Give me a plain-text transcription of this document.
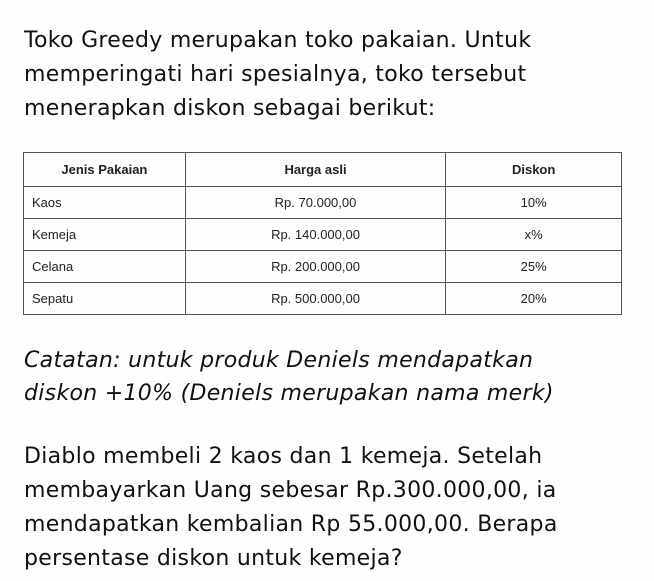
Toko Greedy merupakan toko pakaian. Untuk
memperingati hari spesialnya, toko tersebut
menerapkan diskon sebagai berikut:

Jenis Pakaian	Harga asli	Diskon
Kaos	Rp. 70.000,00	10%
Kemeja	Rp. 140.000,00	x%
Celana	Rp. 200.000,00	25%
Sepatu	Rp. 500.000,00	20%

Catatan: untuk produk Deniels mendapatkan
diskon +10% (Deniels merupakan nama merk)

Diablo membeli 2 kaos dan 1 kemeja. Setelah
membayarkan Uang sebesar Rp.300.000,00, ia
mendapatkan kembalian Rp 55.000,00. Berapa
persentase diskon untuk kemeja?
